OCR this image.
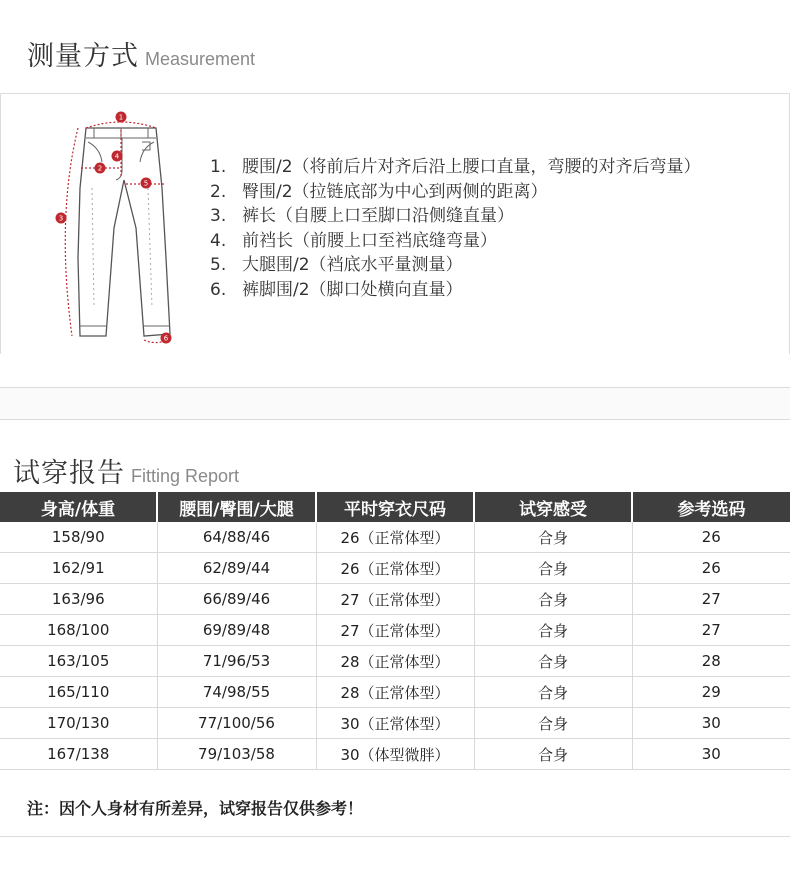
测量方式 Measurement
1
2
3
4
5
6
1. 腰围/2（将前后片对齐后沿上腰口直量，弯腰的对齐后弯量）
2. 臀围/2（拉链底部为中心到两侧的距离）
3. 裤长（自腰上口至脚口沿侧缝直量）
4. 前裆长（前腰上口至裆底缝弯量）
5. 大腿围/2（裆底水平量测量）
6. 裤脚围/2（脚口处横向直量）
试穿报告 Fitting Report
身高/体重	腰围/臀围/大腿	平时穿衣尺码	试穿感受	参考选码
158/90	64/88/46	26（正常体型）	合身	26
162/91	62/89/44	26（正常体型）	合身	26
163/96	66/89/46	27（正常体型）	合身	27
168/100	69/89/48	27（正常体型）	合身	27
163/105	71/96/53	28（正常体型）	合身	28
165/110	74/98/55	28（正常体型）	合身	29
170/130	77/100/56	30（正常体型）	合身	30
167/138	79/103/58	30（体型微胖）	合身	30
注：因个人身材有所差异，试穿报告仅供参考！
